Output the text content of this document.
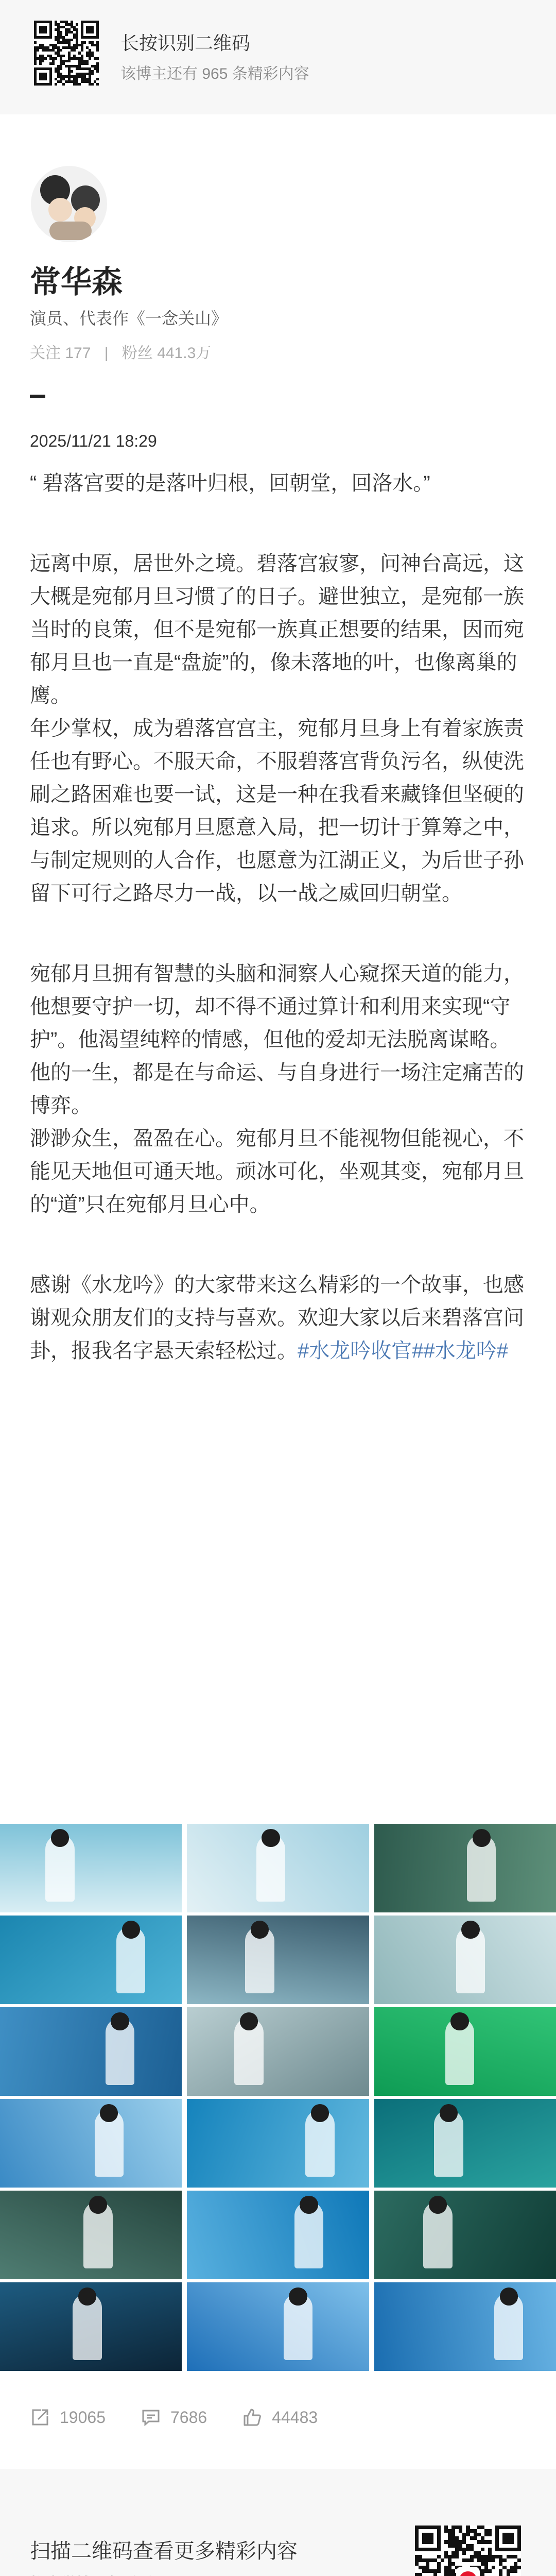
长按识别二维码
该博主还有 965 条精彩内容
常华森
演员、代表作《一念关山》
关注 177 | 粉丝 441.3万
2025/11/21 18:29

“ 碧落宫要的是落叶归根，回朝堂，回洛水。”

远离中原，居世外之境。碧落宫寂寥，问神台高远，这大概是宛郁月旦习惯了的日子。避世独立，是宛郁一族当时的良策，但不是宛郁一族真正想要的结果，因而宛郁月旦也一直是“盘旋”的，像未落地的叶，也像离巢的鹰。

年少掌权，成为碧落宫宫主，宛郁月旦身上有着家族责任也有野心。不服天命，不服碧落宫背负污名，纵使洗刷之路困难也要一试，这是一种在我看来藏锋但坚硬的追求。所以宛郁月旦愿意入局，把一切计于算筹之中，与制定规则的人合作，也愿意为江湖正义，为后世子孙留下可行之路尽力一战，以一战之威回归朝堂。

宛郁月旦拥有智慧的头脑和洞察人心窥探天道的能力，他想要守护一切，却不得不通过算计和利用来实现“守护”。他渴望纯粹的情感，但他的爱却无法脱离谋略。他的一生，都是在与命运、与自身进行一场注定痛苦的博弈。

渺渺众生，盈盈在心。宛郁月旦不能视物但能视心，不能见天地但可通天地。顽冰可化，坐观其变，宛郁月旦的“道”只在宛郁月旦心中。

感谢《水龙吟》的大家带来这么精彩的一个故事，也感谢观众朋友们的支持与喜欢。欢迎大家以后来碧落宫问卦，报我名字悬天索轻松过。#水龙吟收官##水龙吟#

19065	7686	44483
扫描二维码查看更多精彩内容
